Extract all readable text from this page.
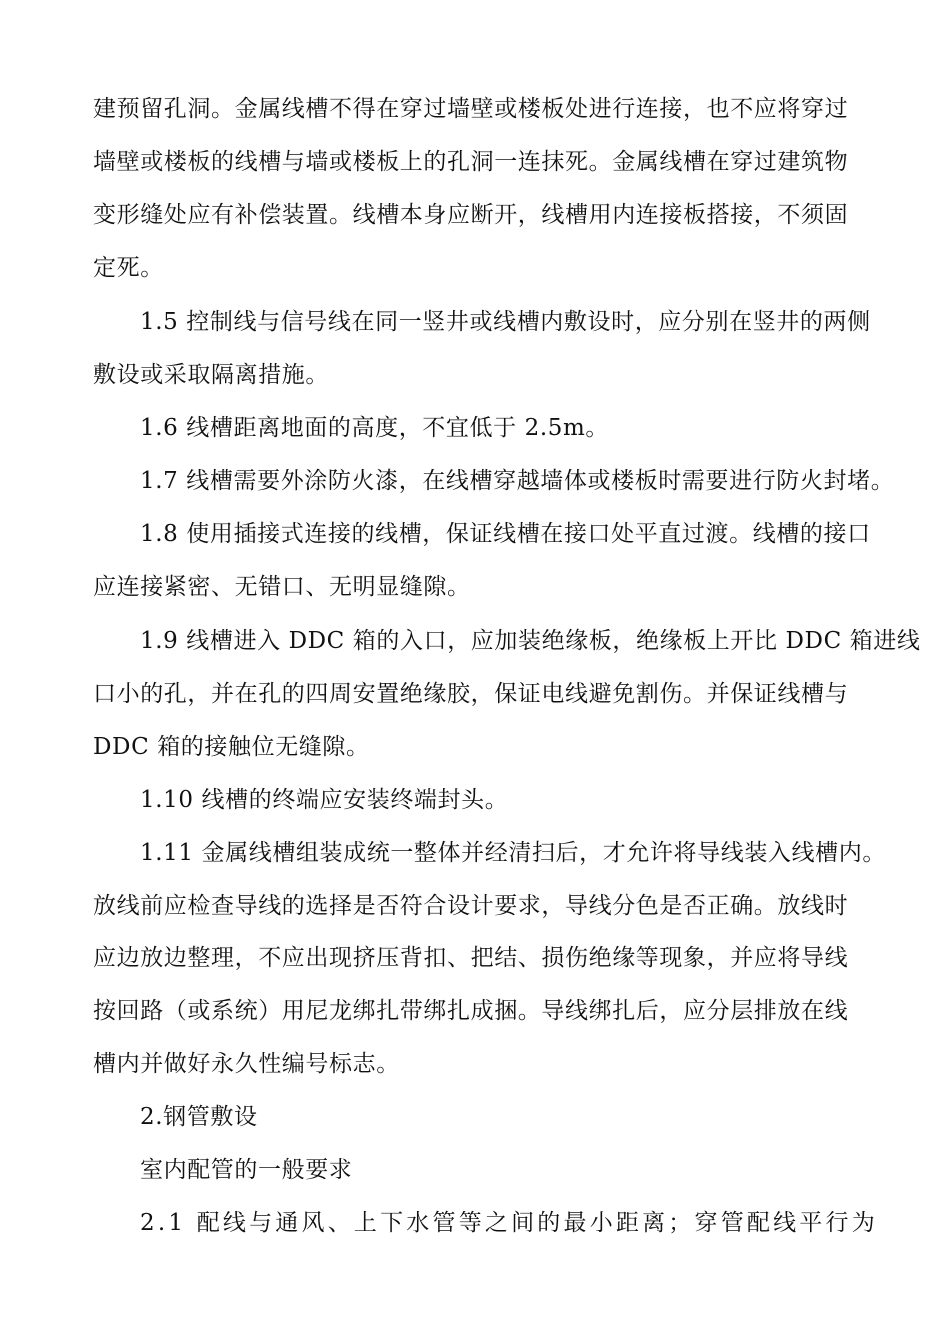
建预留孔洞。金属线槽不得在穿过墙壁或楼板处进行连接，也不应将穿过
墙壁或楼板的线槽与墙或楼板上的孔洞一连抹死。金属线槽在穿过建筑物
变形缝处应有补偿装置。线槽本身应断开，线槽用内连接板搭接，不须固
定死。
1.5 控制线与信号线在同一竖井或线槽内敷设时，应分别在竖井的两侧
敷设或采取隔离措施。
1.6 线槽距离地面的高度，不宜低于 2.5m。
1.7 线槽需要外涂防火漆，在线槽穿越墙体或楼板时需要进行防火封堵。
1.8 使用插接式连接的线槽，保证线槽在接口处平直过渡。线槽的接口
应连接紧密、无错口、无明显缝隙。
1.9 线槽进入 DDC 箱的入口，应加装绝缘板，绝缘板上开比 DDC 箱进线
口小的孔，并在孔的四周安置绝缘胶，保证电线避免割伤。并保证线槽与
DDC 箱的接触位无缝隙。
1.10 线槽的终端应安装终端封头。
1.11 金属线槽组装成统一整体并经清扫后，才允许将导线装入线槽内。
放线前应检查导线的选择是否符合设计要求，导线分色是否正确。放线时
应边放边整理，不应出现挤压背扣、把结、损伤绝缘等现象，并应将导线
按回路（或系统）用尼龙绑扎带绑扎成捆。导线绑扎后，应分层排放在线
槽内并做好永久性编号标志。
2.钢管敷设
室内配管的一般要求
2.1 配线与通风、上下水管等之间的最小距离；穿管配线平行为
